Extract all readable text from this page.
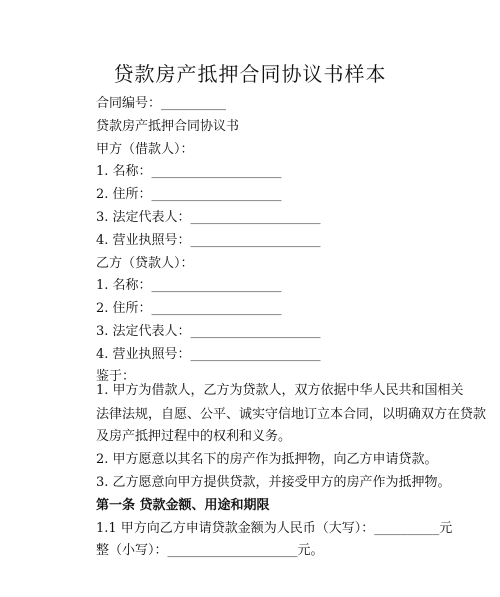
贷款房产抵押合同协议书样本
合同编号：__________
贷款房产抵押合同协议书
甲方（借款人）：
1. 名称：____________________
2. 住所：____________________
3. 法定代表人：____________________
4. 营业执照号：____________________
乙方（贷款人）：
1. 名称：____________________
2. 住所：____________________
3. 法定代表人：____________________
4. 营业执照号：____________________
鉴于：
1. 甲方为借款人，乙方为贷款人，双方依据中华人民共和国相关
法律法规，自愿、公平、诚实守信地订立本合同，以明确双方在贷款
及房产抵押过程中的权利和义务。
2. 甲方愿意以其名下的房产作为抵押物，向乙方申请贷款。
3. 乙方愿意向甲方提供贷款，并接受甲方的房产作为抵押物。
第一条 贷款金额、用途和期限
1.1 甲方向乙方申请贷款金额为人民币（大写）：__________元
整（小写）：____________________元。
